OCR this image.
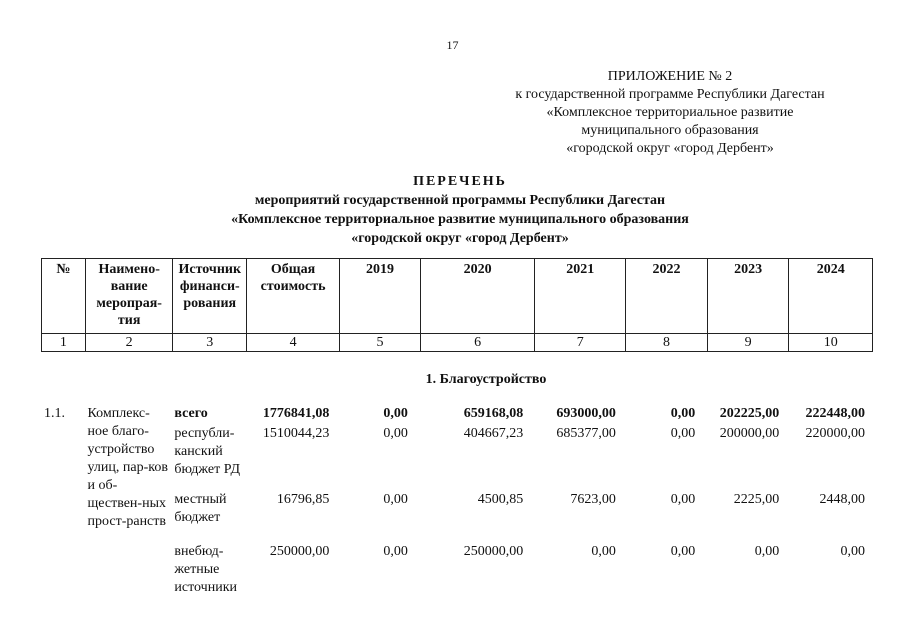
17
ПРИЛОЖЕНИЕ № 2
к государственной программе Республики Дагестан
«Комплексное территориальное развитие
муниципального образования
«городской округ «город Дербент»
ПЕРЕЧЕНЬ
мероприятий государственной программы Республики Дагестан
«Комплексное территориальное развитие муниципального образования
«городской округ «город Дербент»
№	Наимено-вание меропрая-тия	Источник финанси-рования	Общая стоимость	2019	2020	2021	2022	2023	2024
1	2	3	4	5	6	7	8	9	10
1. Благоустройство
1.1.	Комплекс-ное благо-устройство улиц, пар-ков и об-ществен-ных прост-ранств	всего	1776841,08	0,00	659168,08	693000,00	0,00	202225,00	222448,00
		республи-канский бюджет РД	1510044,23	0,00	404667,23	685377,00	0,00	200000,00	220000,00
		местный бюджет	16796,85	0,00	4500,85	7623,00	0,00	2225,00	2448,00
		внебюд-жетные источники	250000,00	0,00	250000,00	0,00	0,00	0,00	0,00
